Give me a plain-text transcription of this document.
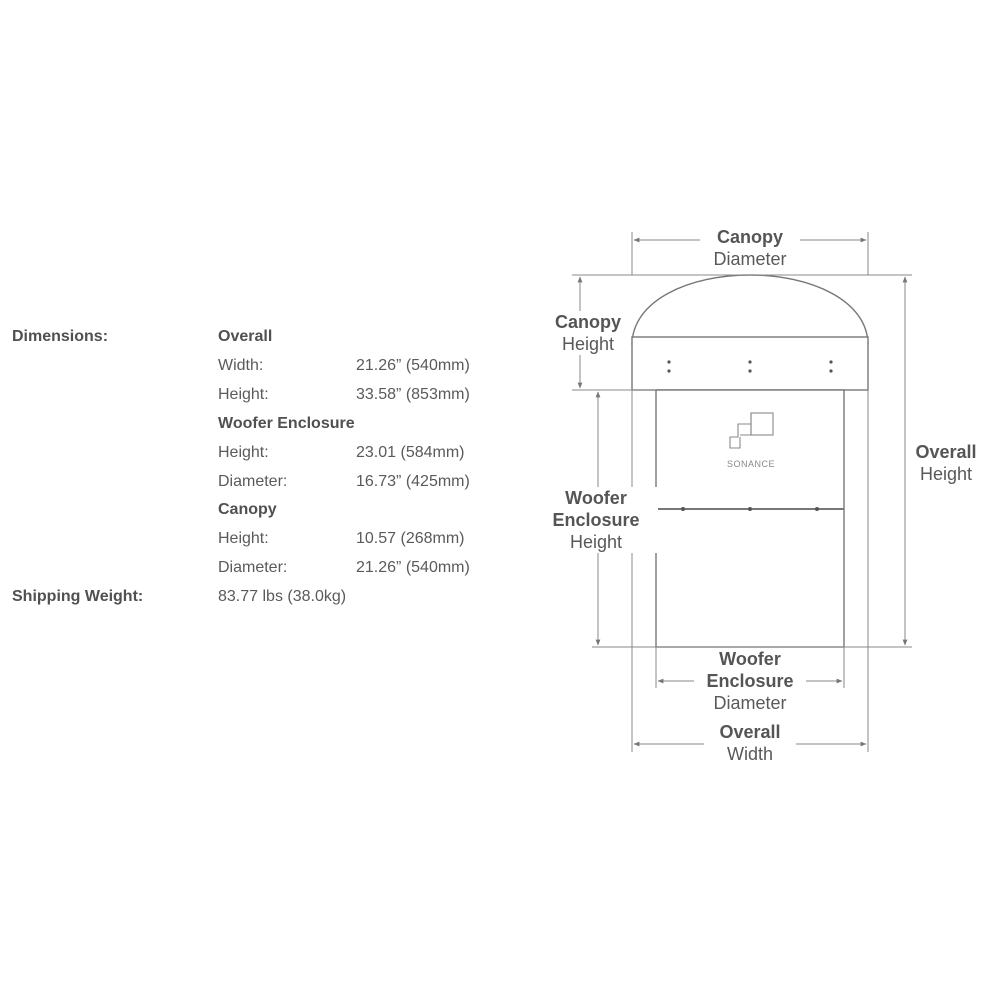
Dimensions:	Overall
Width:	21.26” (540mm)
Height:	33.58” (853mm)
Woofer Enclosure
Height:	23.01 (584mm)
Diameter:	16.73” (425mm)
Canopy
Height:	10.57 (268mm)
Diameter:	21.26” (540mm)
Shipping Weight:	83.77 lbs (38.0kg)
SONANCE
Canopy
Diameter
Canopy
Height
Overall
Height
Woofer
Enclosure
Height
Woofer
Enclosure
Diameter
Overall
Width
